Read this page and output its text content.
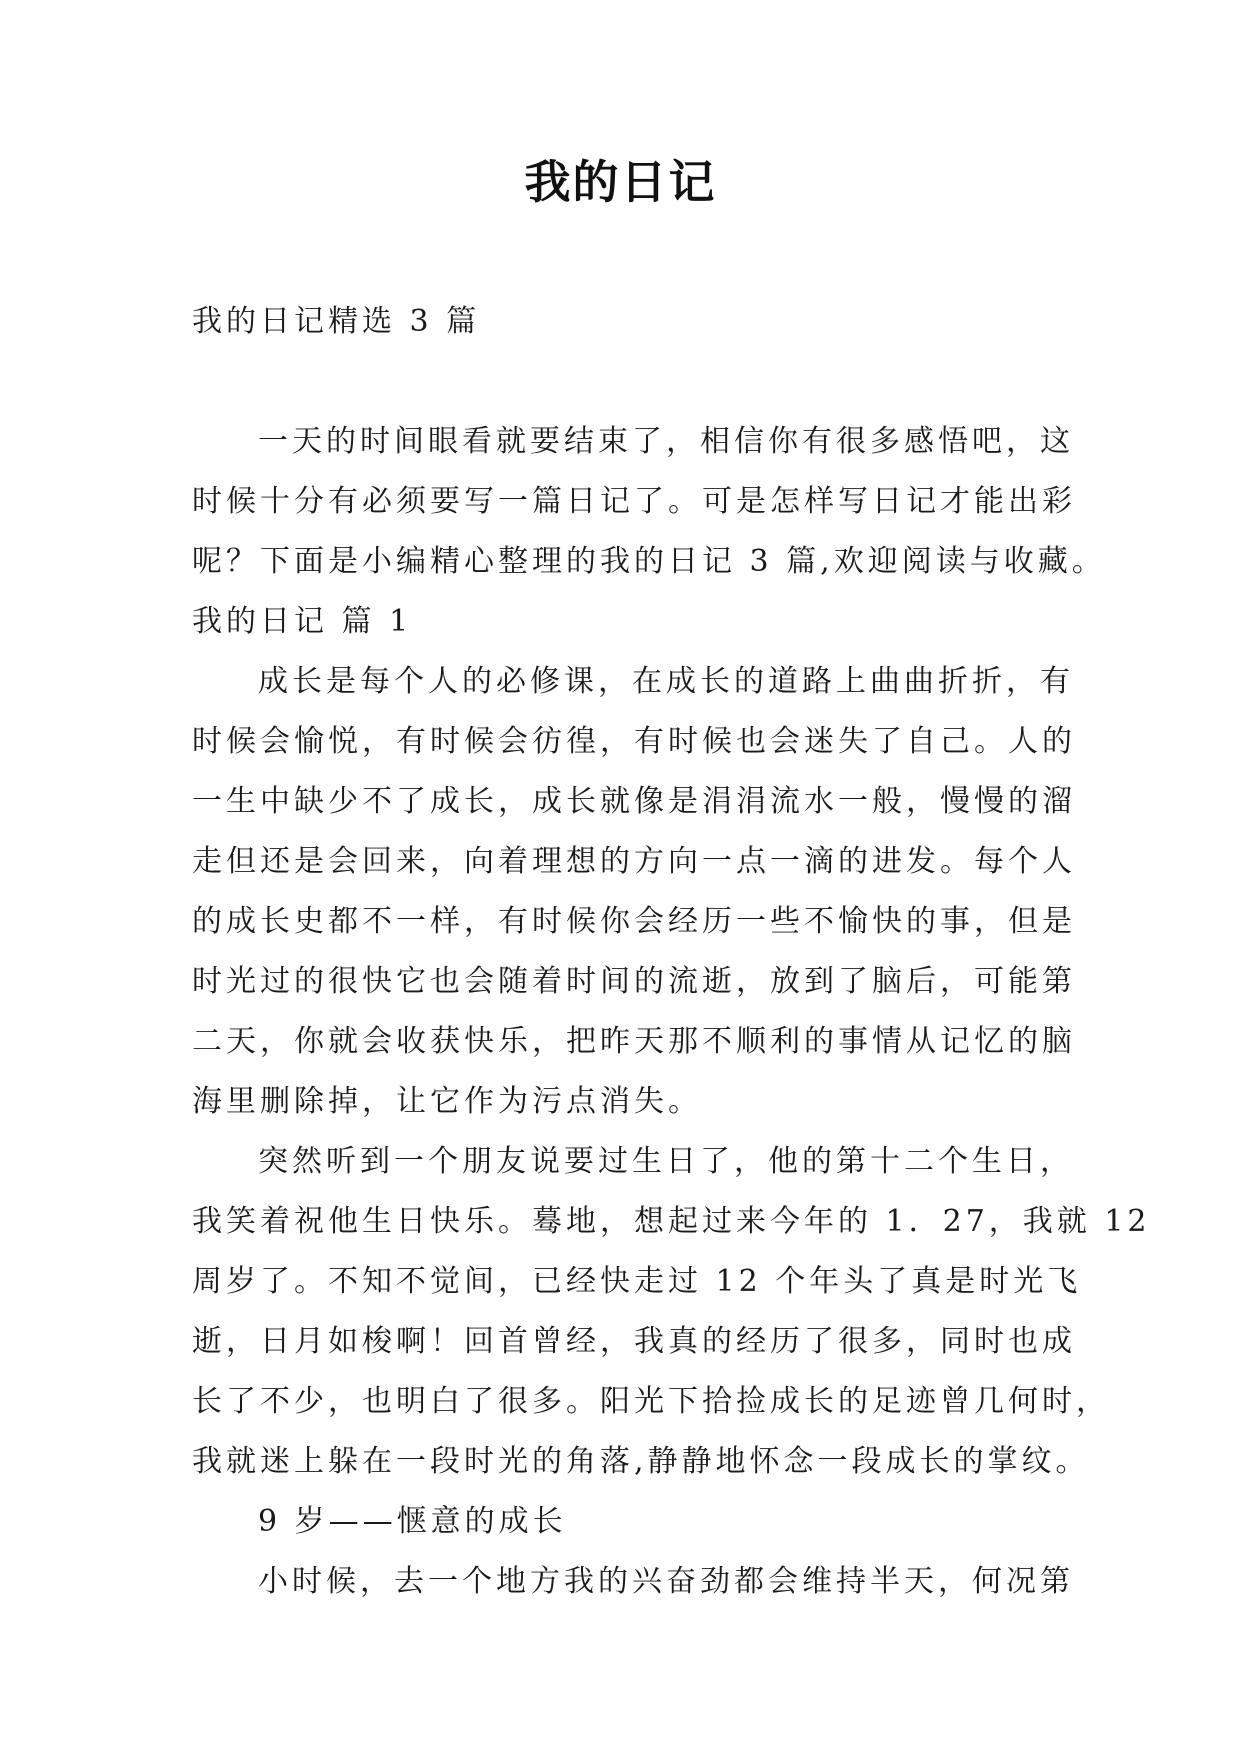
我的日记
我的日记精选 3 篇
一天的时间眼看就要结束了，相信你有很多感悟吧，这
时候十分有必须要写一篇日记了。可是怎样写日记才能出彩
呢？下面是小编精心整理的我的日记 3 篇,欢迎阅读与收藏。
我的日记 篇 1
成长是每个人的必修课，在成长的道路上曲曲折折，有
时候会愉悦，有时候会彷徨，有时候也会迷失了自己。人的
一生中缺少不了成长，成长就像是涓涓流水一般，慢慢的溜
走但还是会回来，向着理想的方向一点一滴的进发。每个人
的成长史都不一样，有时候你会经历一些不愉快的事，但是
时光过的很快它也会随着时间的流逝，放到了脑后，可能第
二天，你就会收获快乐，把昨天那不顺利的事情从记忆的脑
海里删除掉，让它作为污点消失。
突然听到一个朋友说要过生日了，他的第十二个生日，
我笑着祝他生日快乐。蓦地，想起过来今年的 1．27，我就 12
周岁了。不知不觉间，已经快走过 12 个年头了真是时光飞
逝，日月如梭啊！回首曾经，我真的经历了很多，同时也成
长了不少，也明白了很多。阳光下拾捡成长的足迹曾几何时，
我就迷上躲在一段时光的角落,静静地怀念一段成长的掌纹。
9 岁——惬意的成长
小时候，去一个地方我的兴奋劲都会维持半天，何况第
